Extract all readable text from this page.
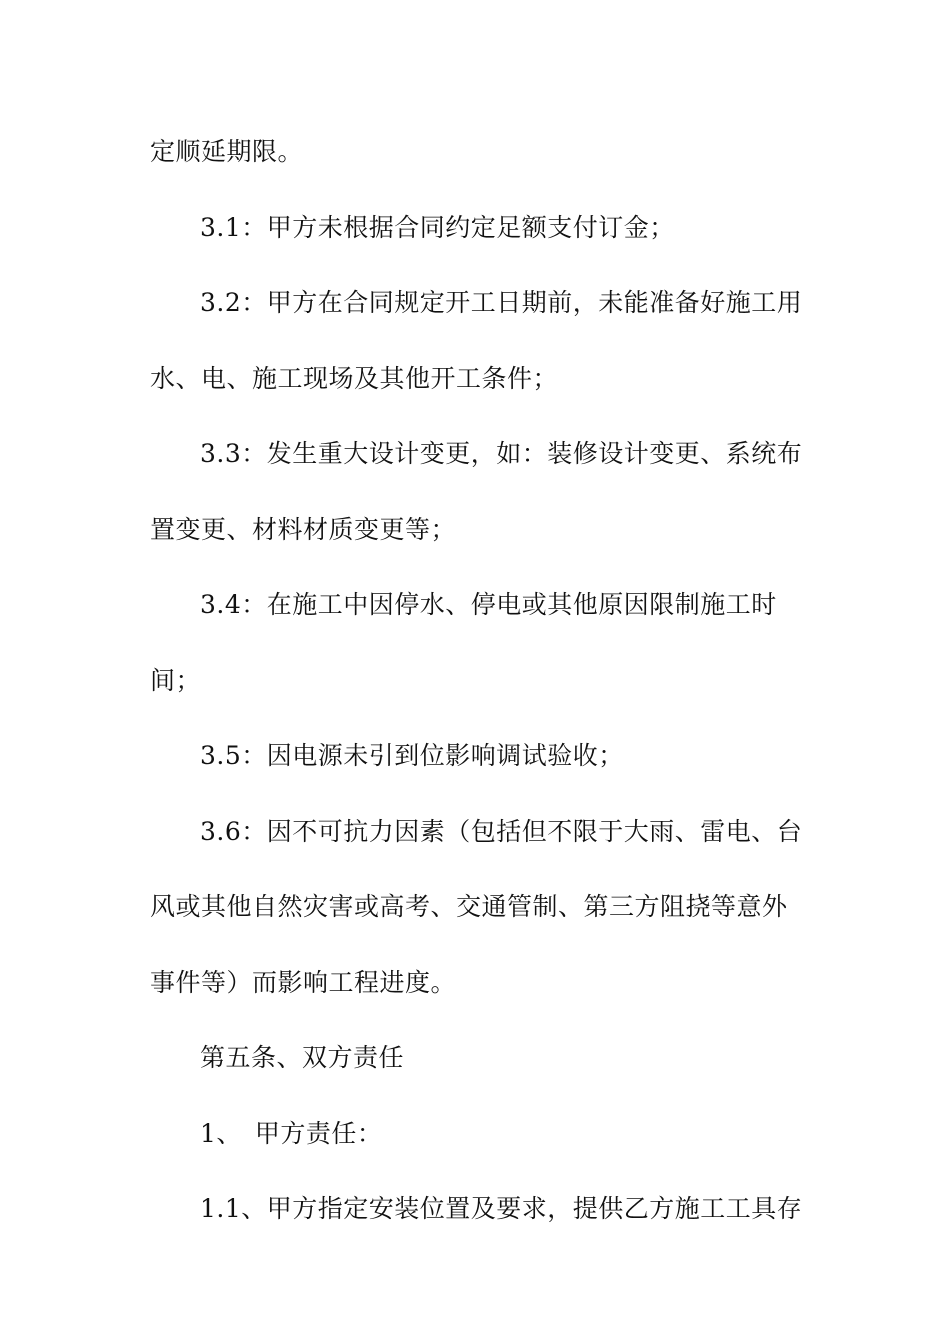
定顺延期限。
3.1：甲方未根据合同约定足额支付订金；
3.2：甲方在合同规定开工日期前，未能准备好施工用
水、电、施工现场及其他开工条件；
3.3：发生重大设计变更，如：装修设计变更、系统布
置变更、材料材质变更等；
3.4：在施工中因停水、停电或其他原因限制施工时
间；
3.5：因电源未引到位影响调试验收；
3.6：因不可抗力因素（包括但不限于大雨、雷电、台
风或其他自然灾害或高考、交通管制、第三方阻挠等意外
事件等）而影响工程进度。
第五条、双方责任
1、　甲方责任：
1.1、甲方指定安装位置及要求，提供乙方施工工具存
